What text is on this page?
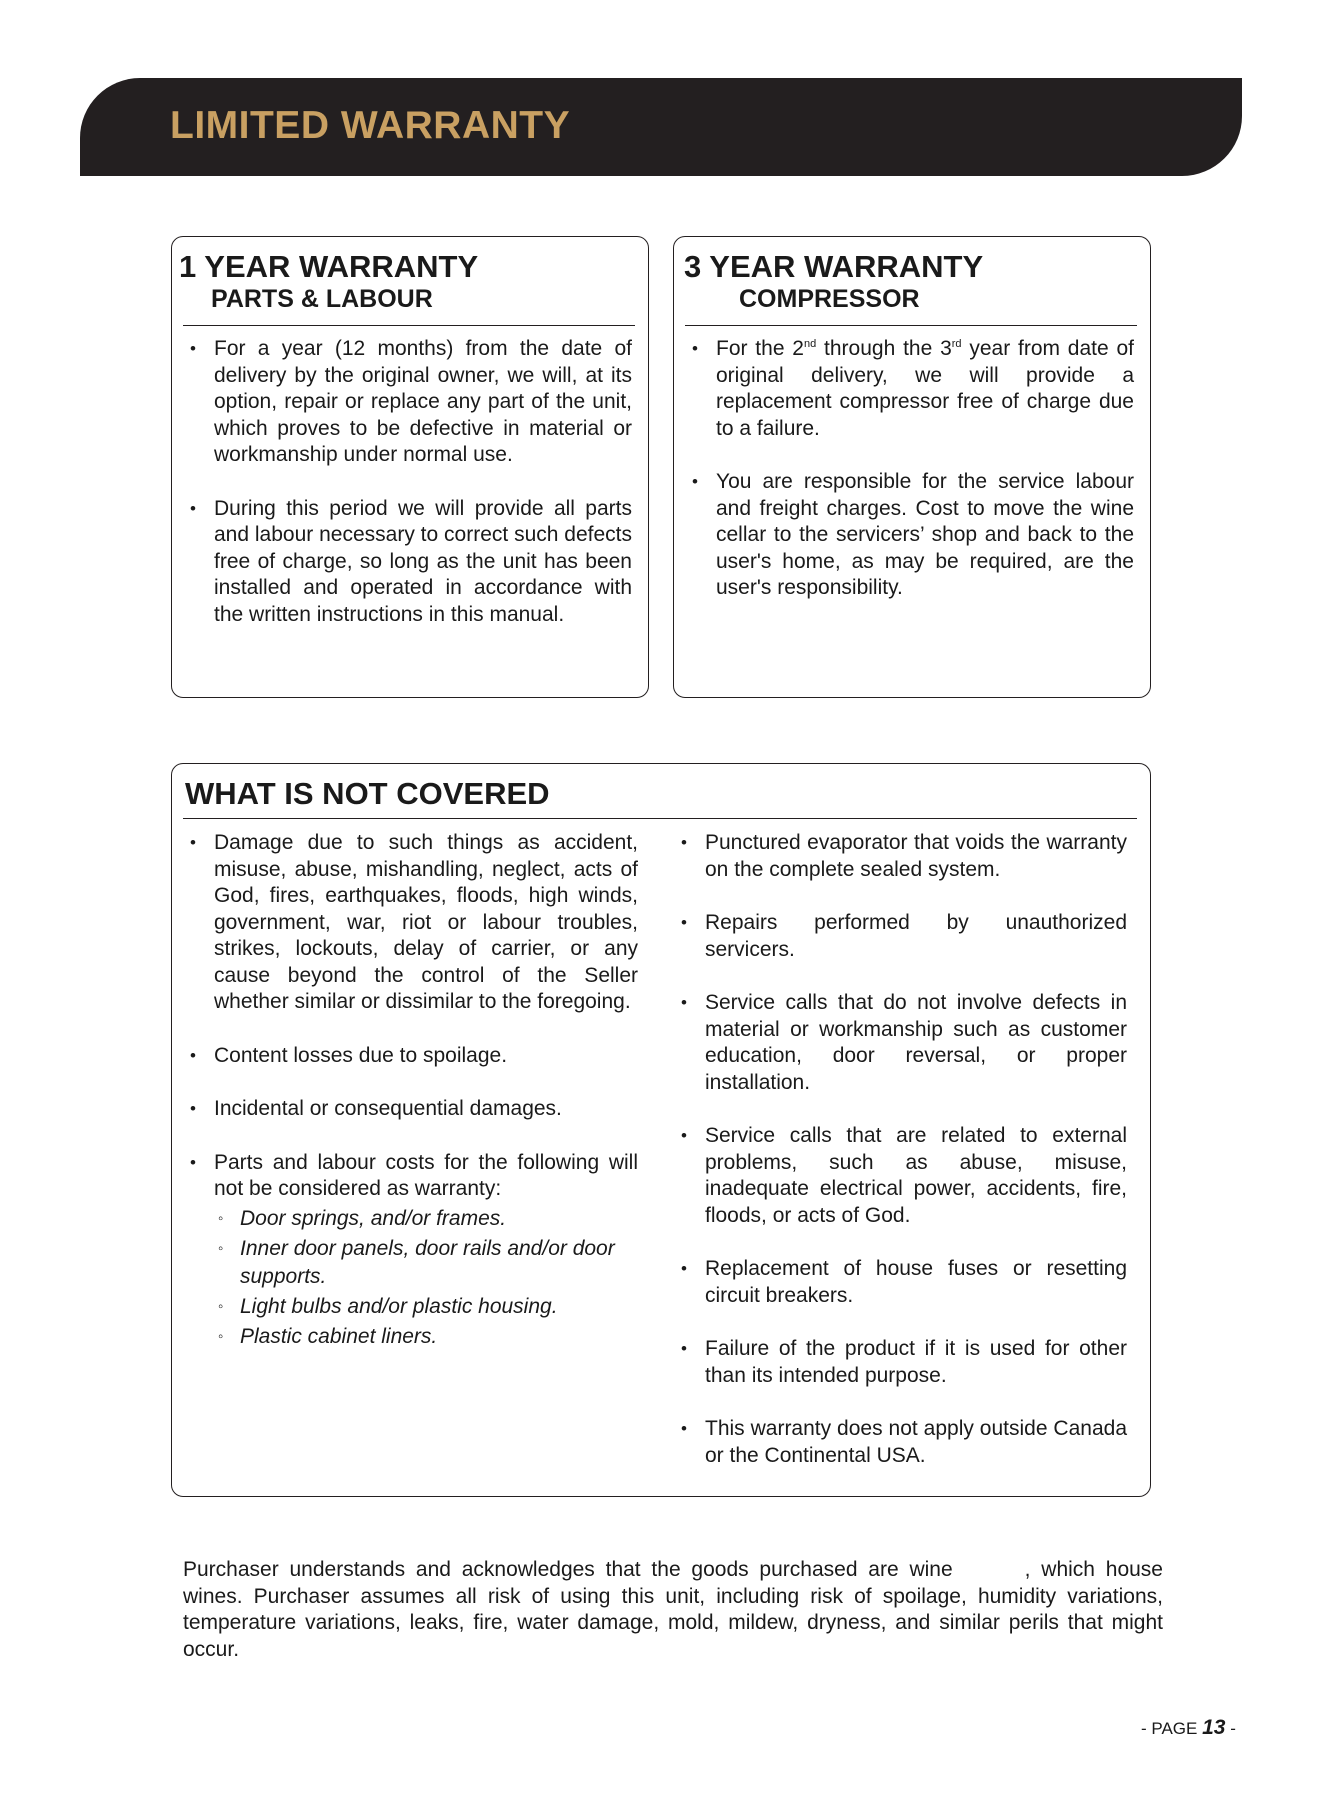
LIMITED WARRANTY
1 YEAR WARRANTY
PARTS & LABOUR
• For a year (12 months) from the date of delivery by the original owner, we will, at its option, repair or replace any part of the unit, which proves to be defective in material or workmanship under normal use.
• During this period we will provide all parts and labour necessary to correct such defects free of charge, so long as the unit has been installed and operated in accordance with the written instructions in this manual.
3 YEAR WARRANTY
COMPRESSOR
• For the 2nd through the 3rd year from date of original delivery, we will provide a replacement compressor free of charge due to a failure.
• You are responsible for the service labour and freight charges. Cost to move the wine cellar to the servicers’ shop and back to the user's home, as may be required, are the user's responsibility.
WHAT IS NOT COVERED
• Damage due to such things as accident, misuse, abuse, mishandling, neglect, acts of God, fires, earthquakes, floods, high winds, government, war, riot or labour troubles, strikes, lockouts, delay of carrier, or any cause beyond the control of the Seller whether similar or dissimilar to the foregoing.
• Content losses due to spoilage.
• Incidental or consequential damages.
• Parts and labour costs for the following will not be considered as warranty:
◦ Door springs, and/or frames.
◦ Inner door panels, door rails and/or door supports.
◦ Light bulbs and/or plastic housing.
◦ Plastic cabinet liners.
• Punctured evaporator that voids the warranty on the complete sealed system.
• Repairs performed by unauthorized servicers.
• Service calls that do not involve defects in material or workmanship such as customer education, door reversal, or proper installation.
• Service calls that are related to external problems, such as abuse, misuse, inadequate electrical power, accidents, fire, floods, or acts of God.
• Replacement of house fuses or resetting circuit breakers.
• Failure of the product if it is used for other than its intended purpose.
• This warranty does not apply outside Canada or the Continental USA.

Purchaser understands and acknowledges that the goods purchased are wine	, which house wines. Purchaser assumes all risk of using this unit, including risk of spoilage, humidity variations, temperature variations, leaks, fire, water damage, mold, mildew, dryness, and similar perils that might occur.

- PAGE 13 -
